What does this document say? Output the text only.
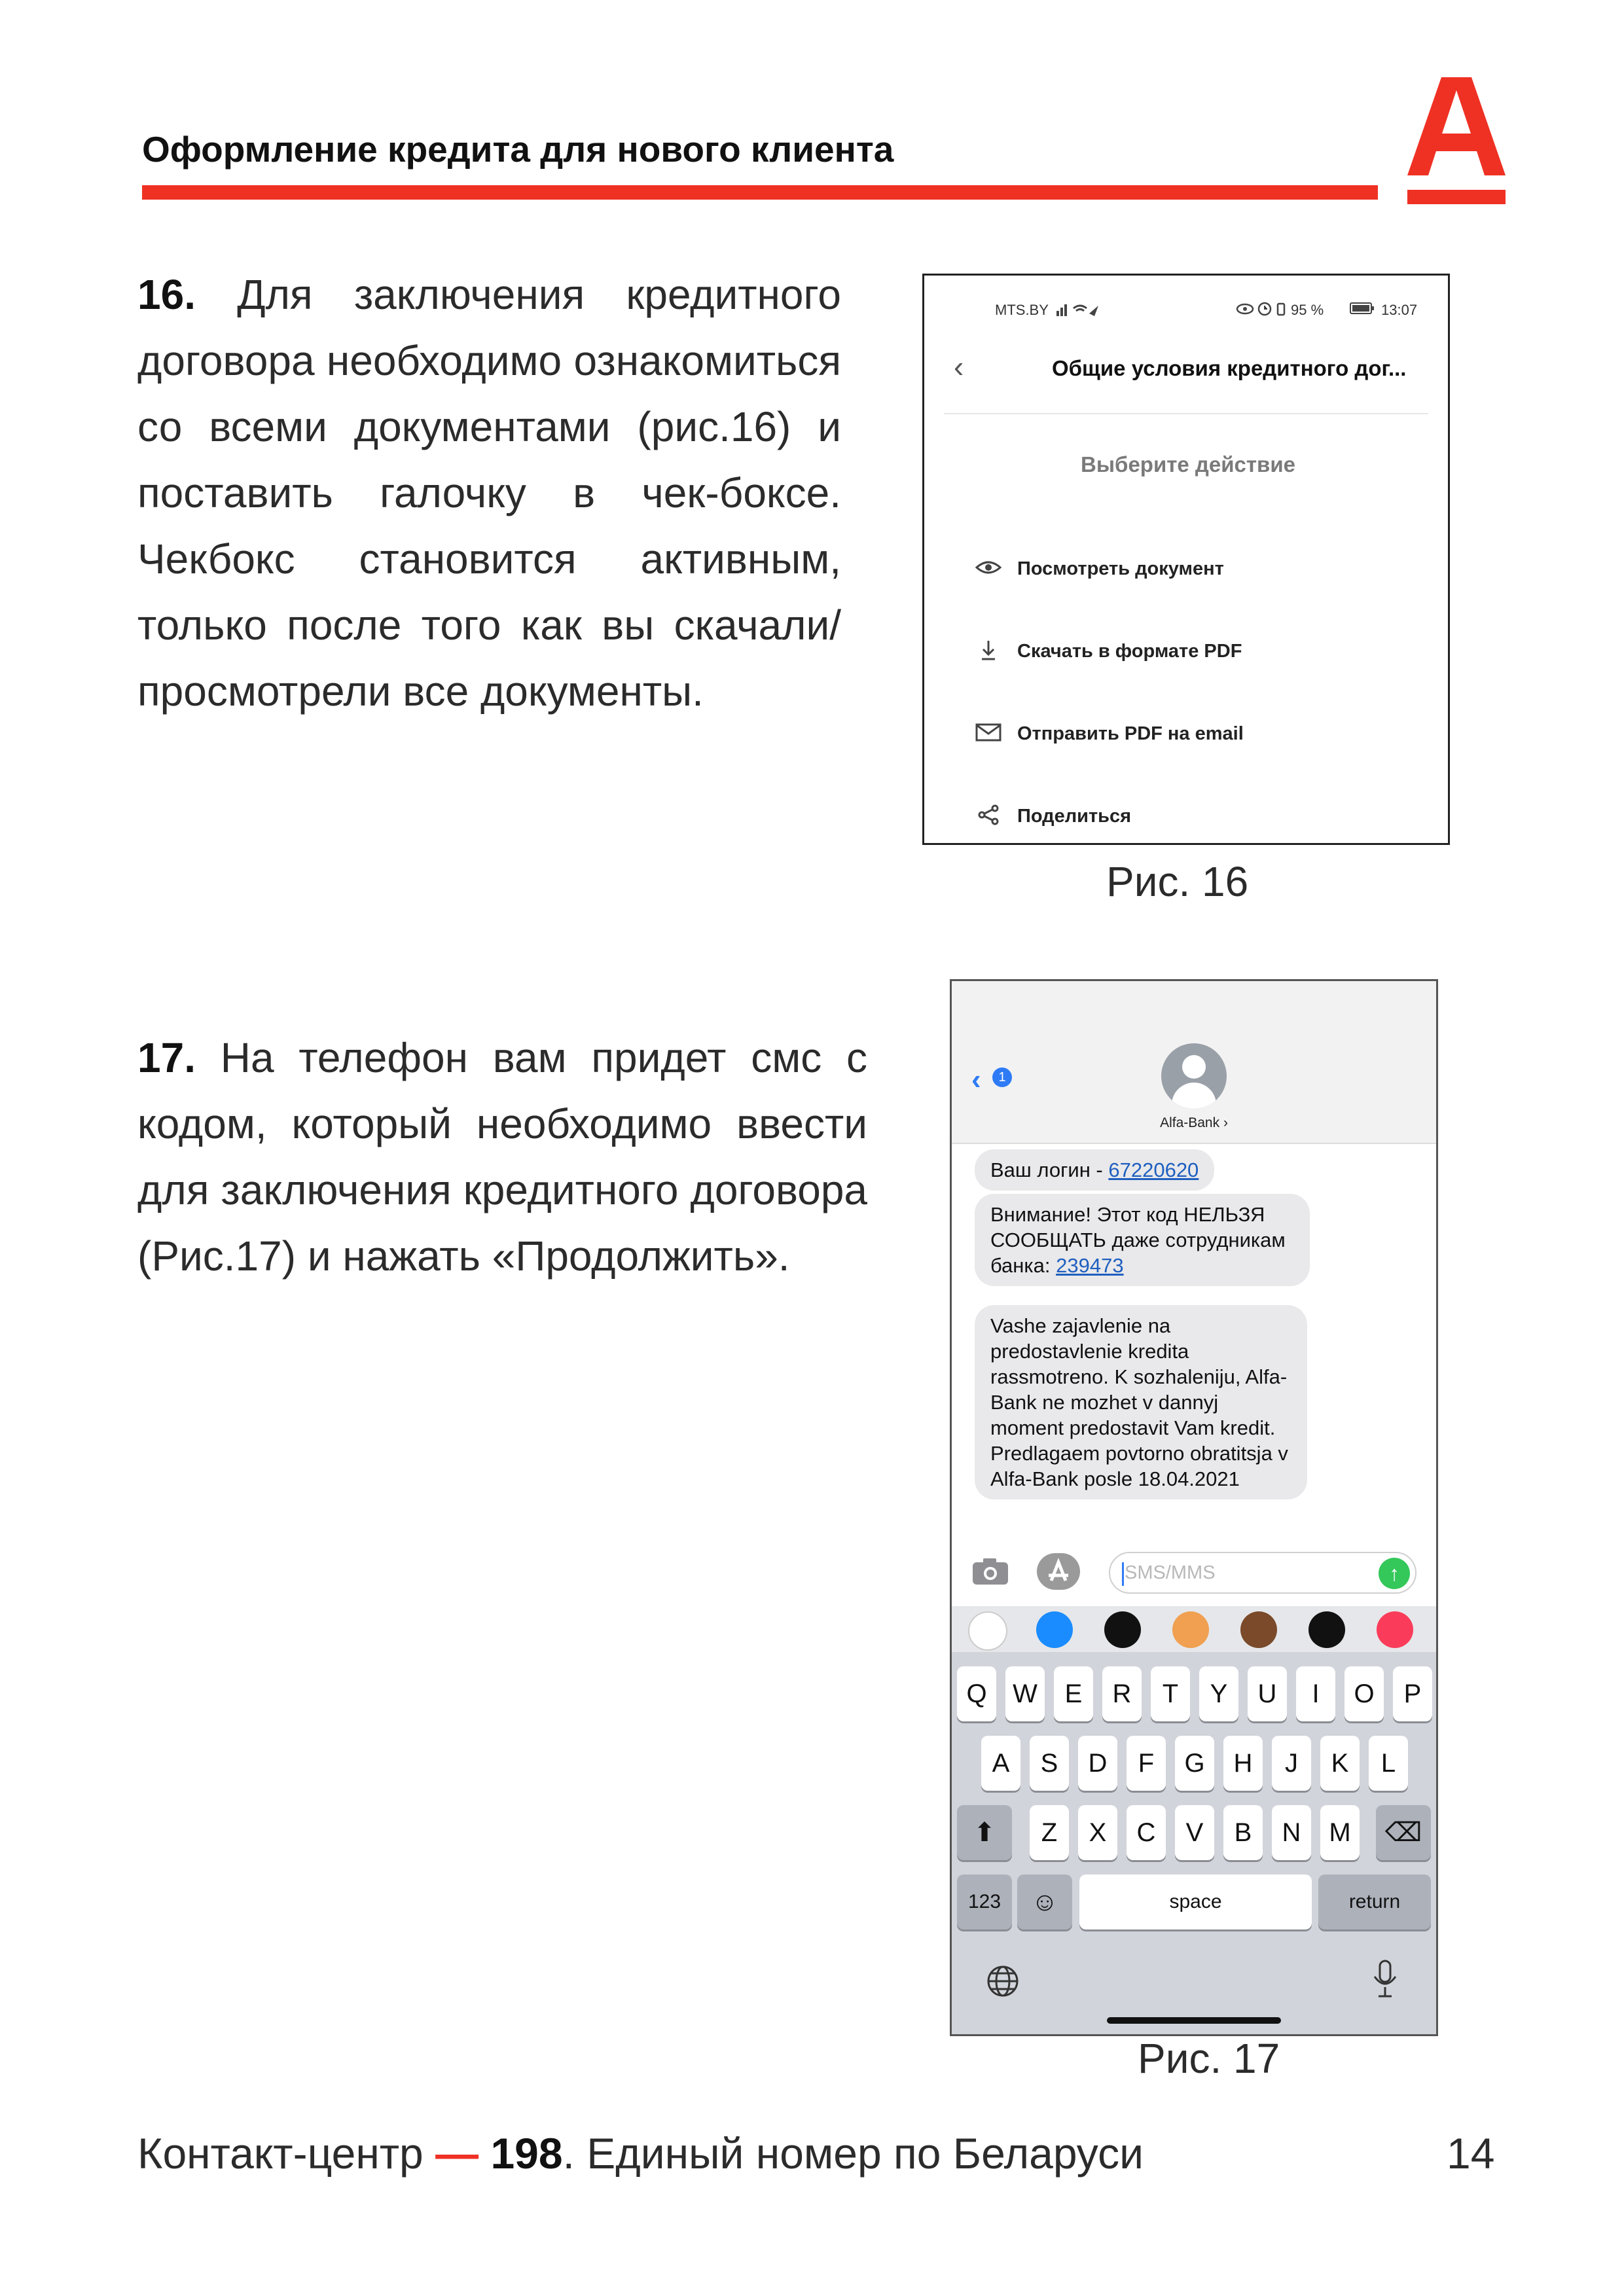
Оформление кредита для нового клиента
16. Для заключения кредитного договора необходимо ознакомиться со всеми документами (рис.16) и поставить галочку в чек-боксе. Чекбокс становится активным, только после того как вы скачали/просмотрели все документы.
MTS.BY	95 %	13:07
‹	Общие условия кредитного дог...
Выберите действие
Посмотреть документ
Скачать в формате PDF
Отправить PDF на email
Поделиться
Рис. 16
17. На телефон вам придет смс с кодом, который необходимо ввести для заключения кредитного договора (Рис.17) и нажать «Продолжить».
‹	1
Alfa-Bank ›
Ваш логин - 67220620
Внимание! Этот код НЕЛЬЗЯ СООБЩАТЬ даже сотрудникам банка: 239473
Vashe zajavlenie na predostavlenie kredita rassmotreno. K sozhaleniju, Alfa-Bank ne mozhet v dannyj moment predostavit Vam kredit. Predlagaem povtorno obratitsja v Alfa-Bank posle 18.04.2021
SMS/MMS	↑
Q W	E	R	T	Y	U	I	O	P
A	S	D	F	G	H	J	K	L
⬆	Z	X	C	V	B	N	M	⌫
123	☺	space	return
Рис. 17
Контакт-центр — 198. Единый номер по Беларуси	14
